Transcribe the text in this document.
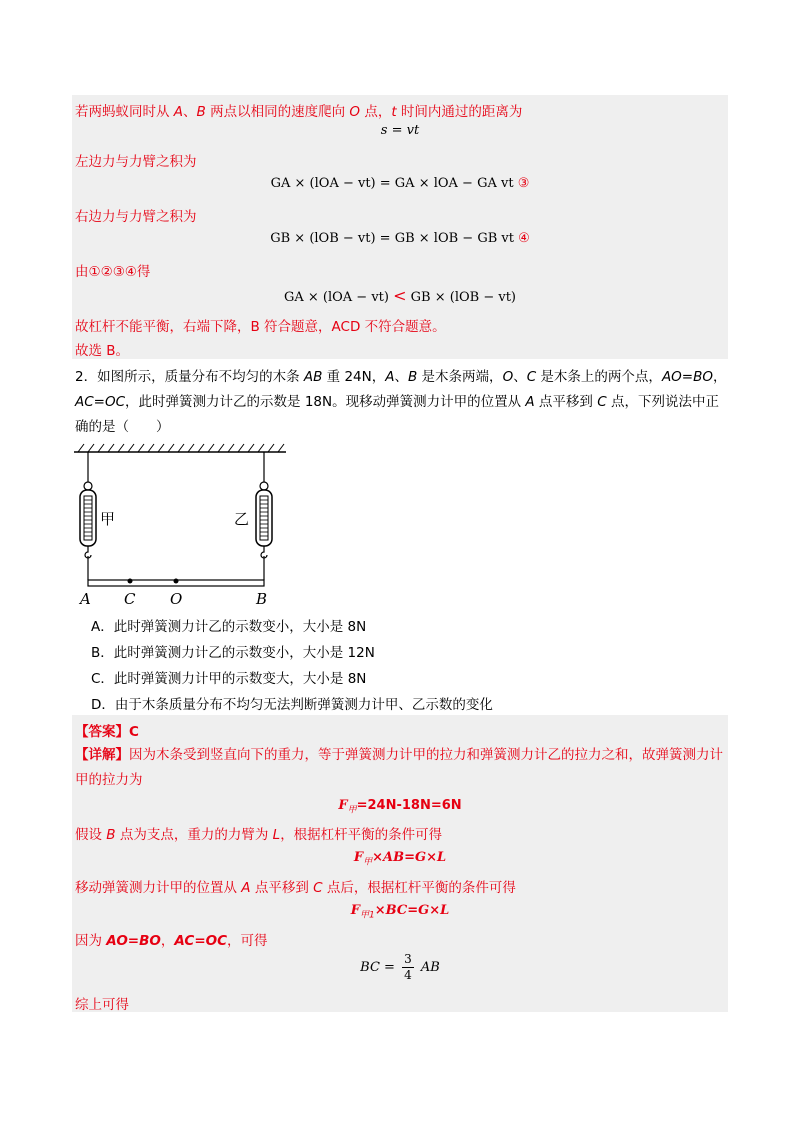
若两蚂蚁同时从 A、B 两点以相同的速度爬向 O 点，t 时间内通过的距离为
s = vt
左边力与力臂之积为
GA × (lOA − vt) = GA × lOA − GA vt ③
右边力与力臂之积为
GB × (lOB − vt) = GB × lOB − GB vt ④
由①②③④得
GA × (lOA − vt) < GB × (lOB − vt)
故杠杆不能平衡，右端下降，B 符合题意，ACD 不符合题意。
故选 B。
2．如图所示，质量分布不均匀的木条 AB 重 24N，A、B 是木条两端，O、C 是木条上的两个点，AO=BO，AC=OC，此时弹簧测力计乙的示数是 18N。现移动弹簧测力计甲的位置从 A 点平移到 C 点，下列说法中正确的是（　　）
甲	乙
A C O	B
A．此时弹簧测力计乙的示数变小，大小是 8N
B．此时弹簧测力计乙的示数变小，大小是 12N
C．此时弹簧测力计甲的示数变大，大小是 8N
D．由于木条质量分布不均匀无法判断弹簧测力计甲、乙示数的变化
【答案】C
【详解】因为木条受到竖直向下的重力，等于弹簧测力计甲的拉力和弹簧测力计乙的拉力之和，故弹簧测力计甲的拉力为
$F_甲=24N-18N=6N$
假设 B 点为支点，重力的力臂为 L，根据杠杆平衡的条件可得
$F_甲\times AB=G\times L$
移动弹簧测力计甲的位置从 A 点平移到 C 点后，根据杠杆平衡的条件可得
$F_{甲1}\times BC=G\times L$
因为 AO=BO，AC=OC，可得
BC = $\frac{3}{4}$ AB
综上可得
